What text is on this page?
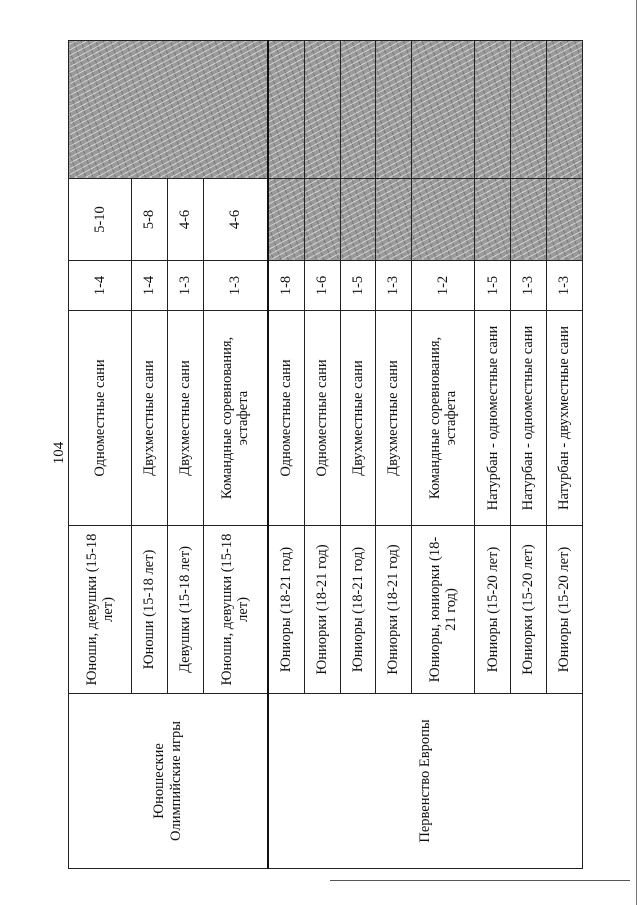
104
Юношеские Олимпийские игры	Юноши, девушки (15-18 лет)	Одноместные сани	1-4	5-10	
	Юноши (15-18 лет)	Двухместные сани	1-4	5-8	
	Девушки (15-18 лет)	Двухместные сани	1-3	4-6	
	Юноши, девушки (15-18 лет)	Командные соревнования, эстафета	1-3	4-6	
Первенство Европы	Юниоры (18-21 год)	Одноместные сани	1-8		
	Юниорки (18-21 год)	Одноместные сани	1-6		
	Юниоры (18-21 год)	Двухместные сани	1-5		
	Юниорки (18-21 год)	Двухместные сани	1-3		
	Юниоры, юниорки (18-21 год)	Командные соревнования, эстафета	1-2		
	Юниоры (15-20 лет)	Натурбан - одноместные сани	1-5		
	Юниорки (15-20 лет)	Натурбан - одноместные сани	1-3		
	Юниоры (15-20 лет)	Натурбан - двухместные сани	1-3		
